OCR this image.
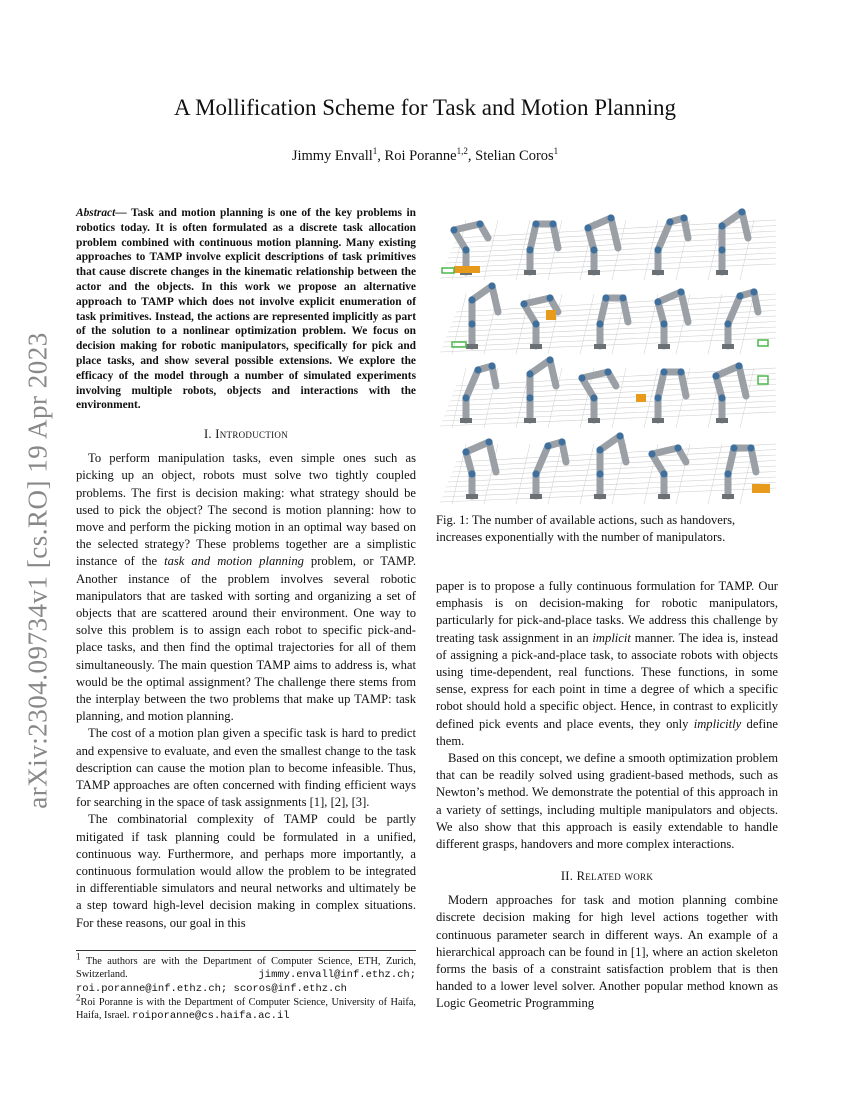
arXiv:2304.09734v1 [cs.RO] 19 Apr 2023
A Mollification Scheme for Task and Motion Planning
Jimmy Envall$^1$, Roi Poranne$^{1,2}$, Stelian Coros$^1$
Abstract— Task and motion planning is one of the key problems in robotics today. It is often formulated as a discrete task allocation problem combined with continuous motion planning. Many existing approaches to TAMP involve explicit descriptions of task primitives that cause discrete changes in the kinematic relationship between the actor and the objects. In this work we propose an alternative approach to TAMP which does not involve explicit enumeration of task primitives. Instead, the actions are represented implicitly as part of the solution to a nonlinear optimization problem. We focus on decision making for robotic manipulators, specifically for pick and place tasks, and show several possible extensions. We explore the efficacy of the model through a number of simulated experiments involving multiple robots, objects and interactions with the environment.
I. Introduction

To perform manipulation tasks, even simple ones such as picking up an object, robots must solve two tightly coupled problems. The first is decision making: what strategy should be used to pick the object? The second is motion planning: how to move and perform the picking motion in an optimal way based on the selected strategy? These problems together are a simplistic instance of the task and motion planning problem, or TAMP. Another instance of the problem involves several robotic manipulators that are tasked with sorting and organizing a set of objects that are scattered around their environment. One way to solve this problem is to assign each robot to specific pick-and-place tasks, and then find the optimal trajectories for all of them simultaneously. The main question TAMP aims to address is, what would be the optimal assignment? The challenge there stems from the interplay between the two problems that make up TAMP: task planning, and motion planning.

The cost of a motion plan given a specific task is hard to predict and expensive to evaluate, and even the smallest change to the task description can cause the motion plan to become infeasible. Thus, TAMP approaches are often concerned with finding efficient ways for searching in the space of task assignments [1], [2], [3].

The combinatorial complexity of TAMP could be partly mitigated if task planning could be formulated in a unified, continuous way. Furthermore, and perhaps more importantly, a continuous formulation would allow the problem to be integrated in differentiable simulators and neural networks and ultimately be a step toward high-level decision making in complex situations. For these reasons, our goal in this

$^1$ The authors are with the Department of Computer Science, ETH, Zurich, Switzerland.	jimmy.envall@inf.ethz.ch; roi.poranne@inf.ethz.ch; scoros@inf.ethz.ch

$^2$Roi Poranne is with the Department of Computer Science, University of Haifa, Haifa, Israel. roiporanne@cs.haifa.ac.il

Fig. 1: The number of available actions, such as handovers, increases exponentially with the number of manipulators.

paper is to propose a fully continuous formulation for TAMP. Our emphasis is on decision-making for robotic manipulators, particularly for pick-and-place tasks. We address this challenge by treating task assignment in an implicit manner. The idea is, instead of assigning a pick-and-place task, to associate robots with objects using time-dependent, real functions. These functions, in some sense, express for each point in time a degree of which a specific robot should hold a specific object. Hence, in contrast to explicitly defined pick events and place events, they only implicitly define them.

Based on this concept, we define a smooth optimization problem that can be readily solved using gradient-based methods, such as Newton’s method. We demonstrate the potential of this approach in a variety of settings, including multiple manipulators and objects. We also show that this approach is easily extendable to handle different grasps, handovers and more complex interactions.

II. Related work

Modern approaches for task and motion planning combine discrete decision making for high level actions together with continuous parameter search in different ways. An example of a hierarchical approach can be found in [1], where an action skeleton forms the basis of a constraint satisfaction problem that is then handed to a lower level solver. Another popular method known as Logic Geometric Programming
